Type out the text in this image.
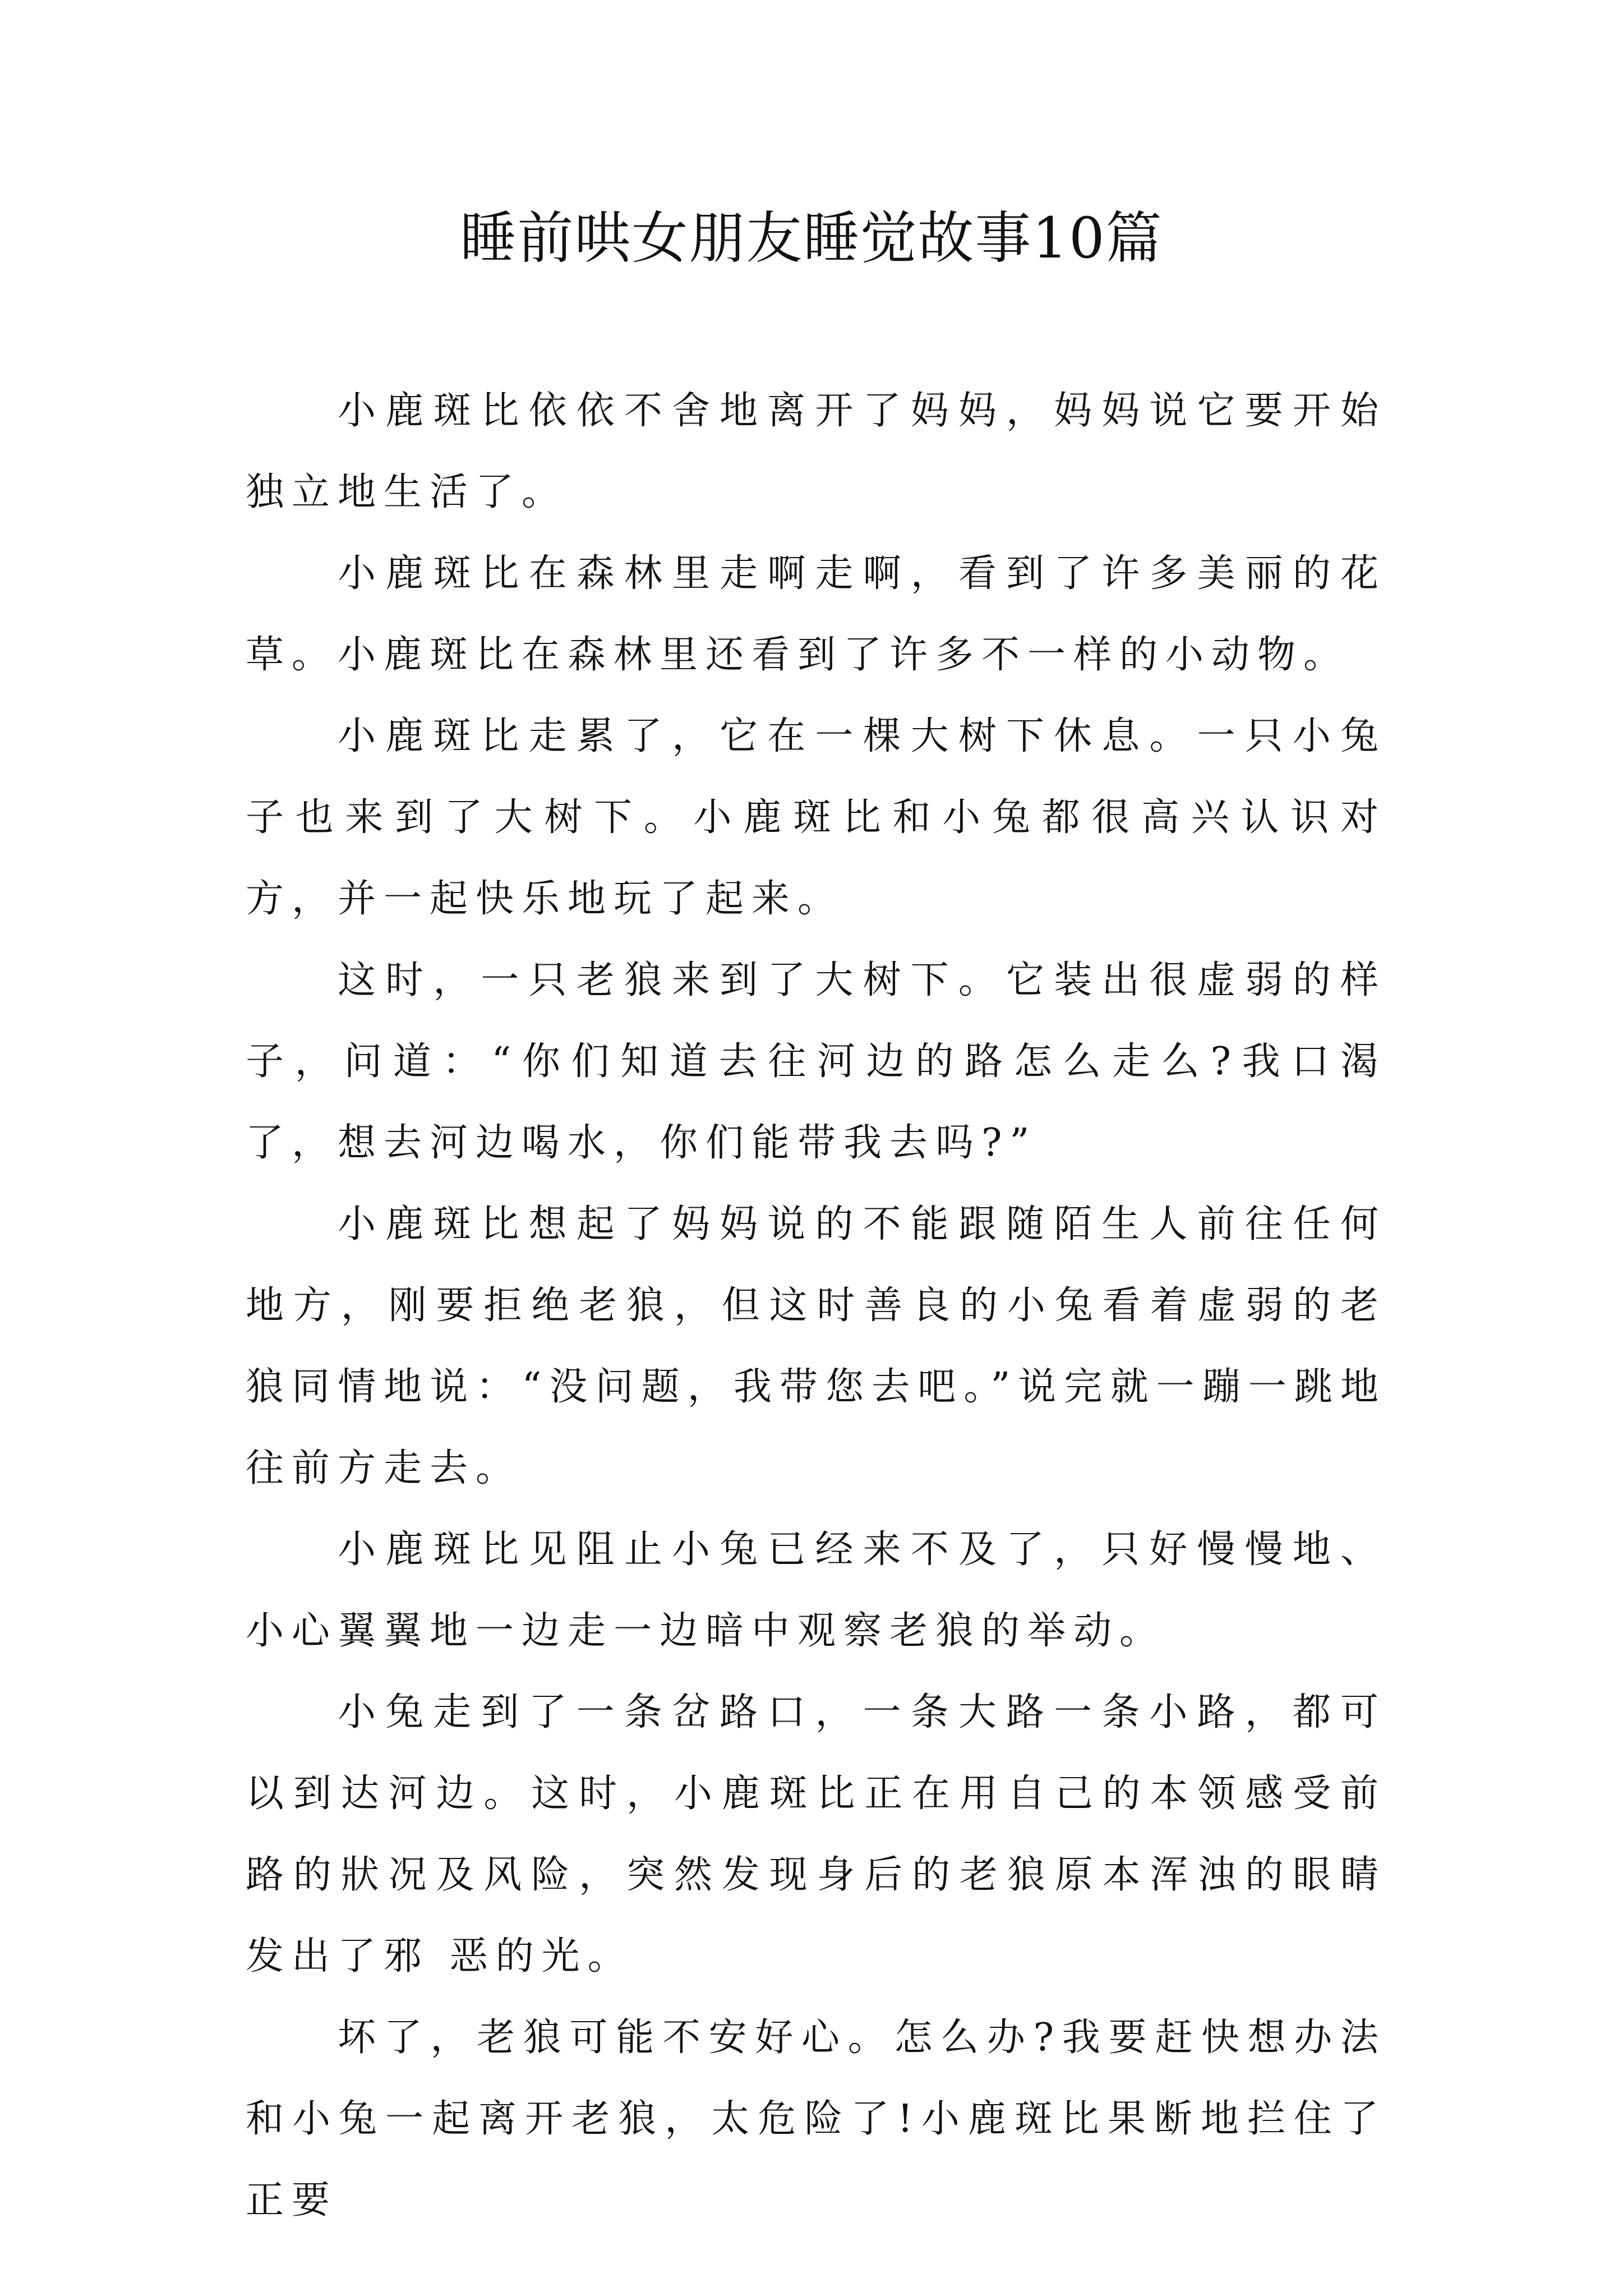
睡前哄女朋友睡觉故事10篇

小鹿斑比依依不舍地离开了妈妈，妈妈说它要开始独立地生活了。

小鹿斑比在森林里走啊走啊，看到了许多美丽的花草。小鹿斑比在森林里还看到了许多不一样的小动物。

小鹿斑比走累了，它在一棵大树下休息。一只小兔子也来到了大树下。小鹿斑比和小兔都很高兴认识对方，并一起快乐地玩了起来。

这时，一只老狼来到了大树下。它装出很虚弱的样子，问道：“你们知道去往河边的路怎么走么?我口渴了，想去河边喝水，你们能带我去吗?”

小鹿斑比想起了妈妈说的不能跟随陌生人前往任何地方，刚要拒绝老狼，但这时善良的小兔看着虚弱的老狼同情地说：“没问题，我带您去吧。”说完就一蹦一跳地往前方走去。

小鹿斑比见阻止小兔已经来不及了，只好慢慢地、小心翼翼地一边走一边暗中观察老狼的举动。

小兔走到了一条岔路口，一条大路一条小路，都可以到达河边。这时，小鹿斑比正在用自己的本领感受前路的狀况及风险，突然发现身后的老狼原本浑浊的眼睛发出了邪 恶的光。

坏了，老狼可能不安好心。怎么办?我要赶快想办法和小兔一起离开老狼，太危险了!小鹿斑比果断地拦住了正要
